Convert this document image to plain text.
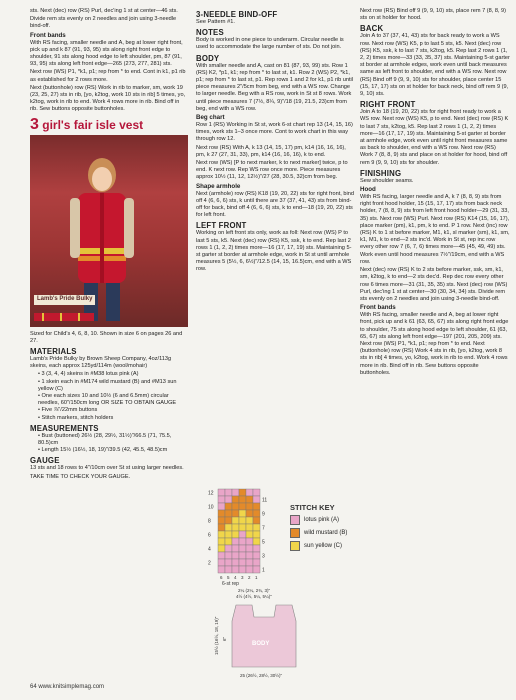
sts. Next (dec) row (RS) Purl, dec'ing 1 st at center—46 sts.

Divide rem sts evenly on 2 needles and join using 3-needle bind-off.

Front bands

With RS facing, smaller needle and A, beg at lower right front, pick up and k 87 (91, 93, 95) sts along right front edge to shoulder, 91 sts along hood edge to left shoulder, pm, 87 (91, 93, 95) sts along left front edge—265 (273, 277, 281) sts.

Next row (WS) P1, *k1, p1; rep from * to end. Cont in k1, p1 rib as established for 2 rows more.

Next (buttonhole) row (RS) Work in rib to marker, sm, work 19 (23, 25, 27) sts in rib, [yo, k2tog, work 10 sts in rib] 5 times, yo, k2tog, work in rib to end. Work 4 rows more in rib. Bind off in rib. Sew buttons opposite buttonholes.

3 girl's fair isle vest
Lamb's Pride Bulky

Sized for Child's 4, 6, 8, 10. Shown in size 6 on pages 26 and 27.

MATERIALS

Lamb's Pride Bulky by Brown Sheep Company, 4oz/113g skeins, each approx 125yd/114m (wool/mohair)

• 3 (3, 4, 4) skeins in #M38 lotus pink (A)
• 1 skein each in #M174 wild mustard (B) and #M13 sun yellow (C)
• One each sizes 10 and 10½ (6 and 6.5mm) circular needles, 60"/150cm long OR SIZE TO OBTAIN GAUGE
• Five ⅞"/22mm buttons
• Stitch markers, stitch holders
MEASUREMENTS
• Bust (buttoned) 26½ (28, 29½, 31½)"/66.5 (71, 75.5, 80.5)cm
• Length 15½ (16½, 18, 19)"/39.5 (42, 45.5, 48.5)cm
GAUGE

13 sts and 18 rows to 4"/10cm over St st using larger needles.

TAKE TIME TO CHECK YOUR GAUGE.

3-NEEDLE BIND-OFF

See Pattern #1.

NOTES

Body is worked in one piece to underarm. Circular needle is used to accommodate the large number of sts. Do not join.

BODY

With smaller needle and A, cast on 81 (87, 93, 99) sts. Row 1 (RS) K2, *p1, k1; rep from * to last st, k1. Row 2 (WS) P2, *k1, p1; rep from * to last st, p1. Rep rows 1 and 2 for k1, p1 rib until piece measures 2"/5cm from beg, end with a WS row. Change to larger needle. Beg with a RS row, work in St st 8 rows. Work until piece measures 7 (7½, 8¼, 9)"/18 (19, 21.5, 23)cm from beg, end with a WS row.

Beg chart

Row 1 (RS) Working in St st, work 6-st chart rep 13 (14, 15, 16) times, work sts 1–3 once more. Cont to work chart in this way through row 12.

Next row (RS) With A, k 13 (14, 15, 17) pm, k14 (16, 16, 16), pm, k 27 (27, 31, 33), pm, k14 (16, 16, 16), k to end.

Next row (WS) [P to next marker, k to next marker] twice, p to end. K next row. Rep WS row once more. Piece measures approx 10½ (11, 12, 12½)"/27 (28, 30.5, 32)cm from beg.

Shape armhole

Next (armhole) row (RS) K18 (19, 20, 22) sts for right front, bind off 4 (6, 6, 6) sts, k until there are 37 (37, 41, 43) sts from bind-off for back, bind off 4 (6, 6, 6) sts, k to end—18 (19, 20, 22) sts for left front.

LEFT FRONT

Working on left front sts only, work as foll: Next row (WS) P to last 5 sts, k5. Next (dec) row (RS) K5, ssk, k to end. Rep last 2 rows 1 (1, 2, 2) times more—16 (17, 17, 19) sts. Maintaining 5-st garter st border at armhole edge, work in St st until armhole measures 5 (5½, 6, 6½)"/12.5 (14, 15, 16.5)cm, end with a WS row.

Next row (RS) Bind off 9 (9, 9, 10) sts, place rem 7 (8, 8, 9) sts on st holder for hood.

BACK

Join A to 37 (37, 41, 43) sts for back ready to work a WS row. Next row (WS) K5, p to last 5 sts, k5. Next (dec) row (RS) K5, ssk, k to last 7 sts, k2tog, k5. Rep last 2 rows 1 (1, 2, 2) times more—33 (33, 35, 37) sts. Maintaining 5-st garter st border at armhole edges, work even until back measures same as left front to shoulder, end with a WS row. Next row (RS) Bind off 9 (9, 9, 10) sts for shoulder, place center 15 (15, 17, 17) sts on st holder for back neck, bind off rem 9 (9, 9, 10) sts.

RIGHT FRONT

Join A to 18 (19, 20, 22) sts for right front ready to work a WS row. Next row (WS) K5, p to end. Next (dec) row (RS) K to last 7 sts, k2tog, k5. Rep last 2 rows 1 (1, 2, 2) times more—16 (17, 17, 19) sts. Maintaining 5-st garter st border at armhole edge, work even until right front measures same as back to shoulder, end with a WS row. Next row (RS) Work 7 (8, 8, 9) sts and place on st holder for hood, bind off rem 9 (9, 9, 10) sts for shoulder.

FINISHING

Sew shoulder seams.

Hood

With RS facing, larger needle and A, k 7 (8, 8, 9) sts from right front hood holder, 15 (15, 17, 17) sts from back neck holder, 7 (8, 8, 9) sts from left front hood holder—29 (31, 33, 35) sts. Next row (WS) Purl. Next row (RS) K14 (15, 16, 17), place marker (pm), k1, pm, k to end. P 1 row. Next (inc) row (RS) K to 1 st before marker, M1, k1, sl marker (sm), k1, sm, k1, M1, k to end—2 sts inc'd. Work in St st, rep inc row every other row 7 (6, 7, 6) times more—45 (45, 49, 49) sts. Work even until hood measures 7½"/19cm, end with a WS row.

Next (dec) row (RS) K to 2 sts before marker, ssk, sm, k1, sm, k2tog, k to end—2 sts dec'd. Rep dec row every other row 6 times more—31 (31, 35, 35) sts. Next (dec) row (WS) Purl, dec'ing 1 st at center—30 (30, 34, 34) sts. Divide rem sts evenly on 2 needles and join using 3-needle bind-off.

Front bands

With RS facing, smaller needle and A, beg at lower right front, pick up and k 61 (63, 65, 67) sts along right front edge to shoulder, 75 sts along hood edge to left shoulder, 61 (63, 65, 67) sts along left front edge—197 (201, 205, 209) sts. Next row (WS) P1, *k1, p1; rep from * to end. Next (buttonhole) row (RS) Work 4 sts in rib, [yo, k2tog, work 8 sts in rib] 4 times, yo, k2tog, work in rib to end. Work 4 rows more in rib. Bind off in rib. Sew buttons opposite buttonholes.

12
11
10
9
8
7
6
5
4
3
2
1
6 5 4 3 2 1
6-st rep
STITCH KEY
lotus pink (A)
wild mustard (B)
sun yellow (C)
2¼ (2¼, 2¾, 3)"
4½ (4½, 5¼, 5¼)"
BODY
15½ (16½, 18, 19)" 6"
25 (26½, 28½, 30½)"
64 www.knitsimplemag.com
